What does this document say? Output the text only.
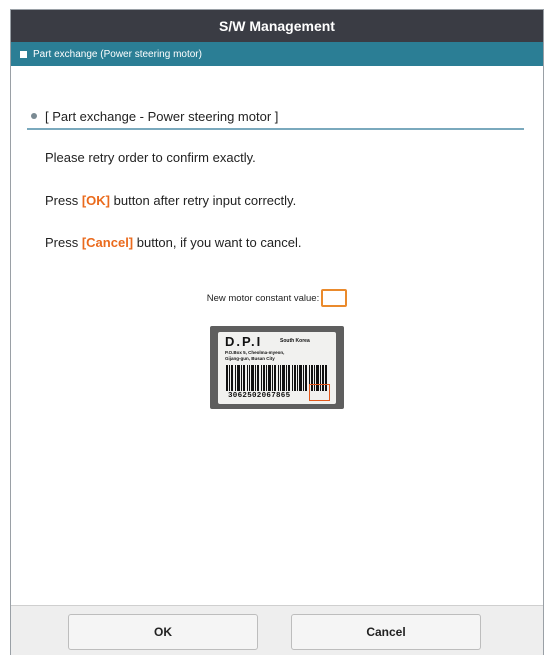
S/W Management
Part exchange (Power steering motor)
[ Part exchange - Power steering motor ]
Please retry order to confirm exactly.
Press [OK] button after retry input correctly.
Press [Cancel] button, if you want to cancel.
New motor constant value:
D.P.I	South Korea
P.O.Box 5, Cheolma-myeon,
Gijang-gun, Busan City
3062502067865
OK	Cancel
